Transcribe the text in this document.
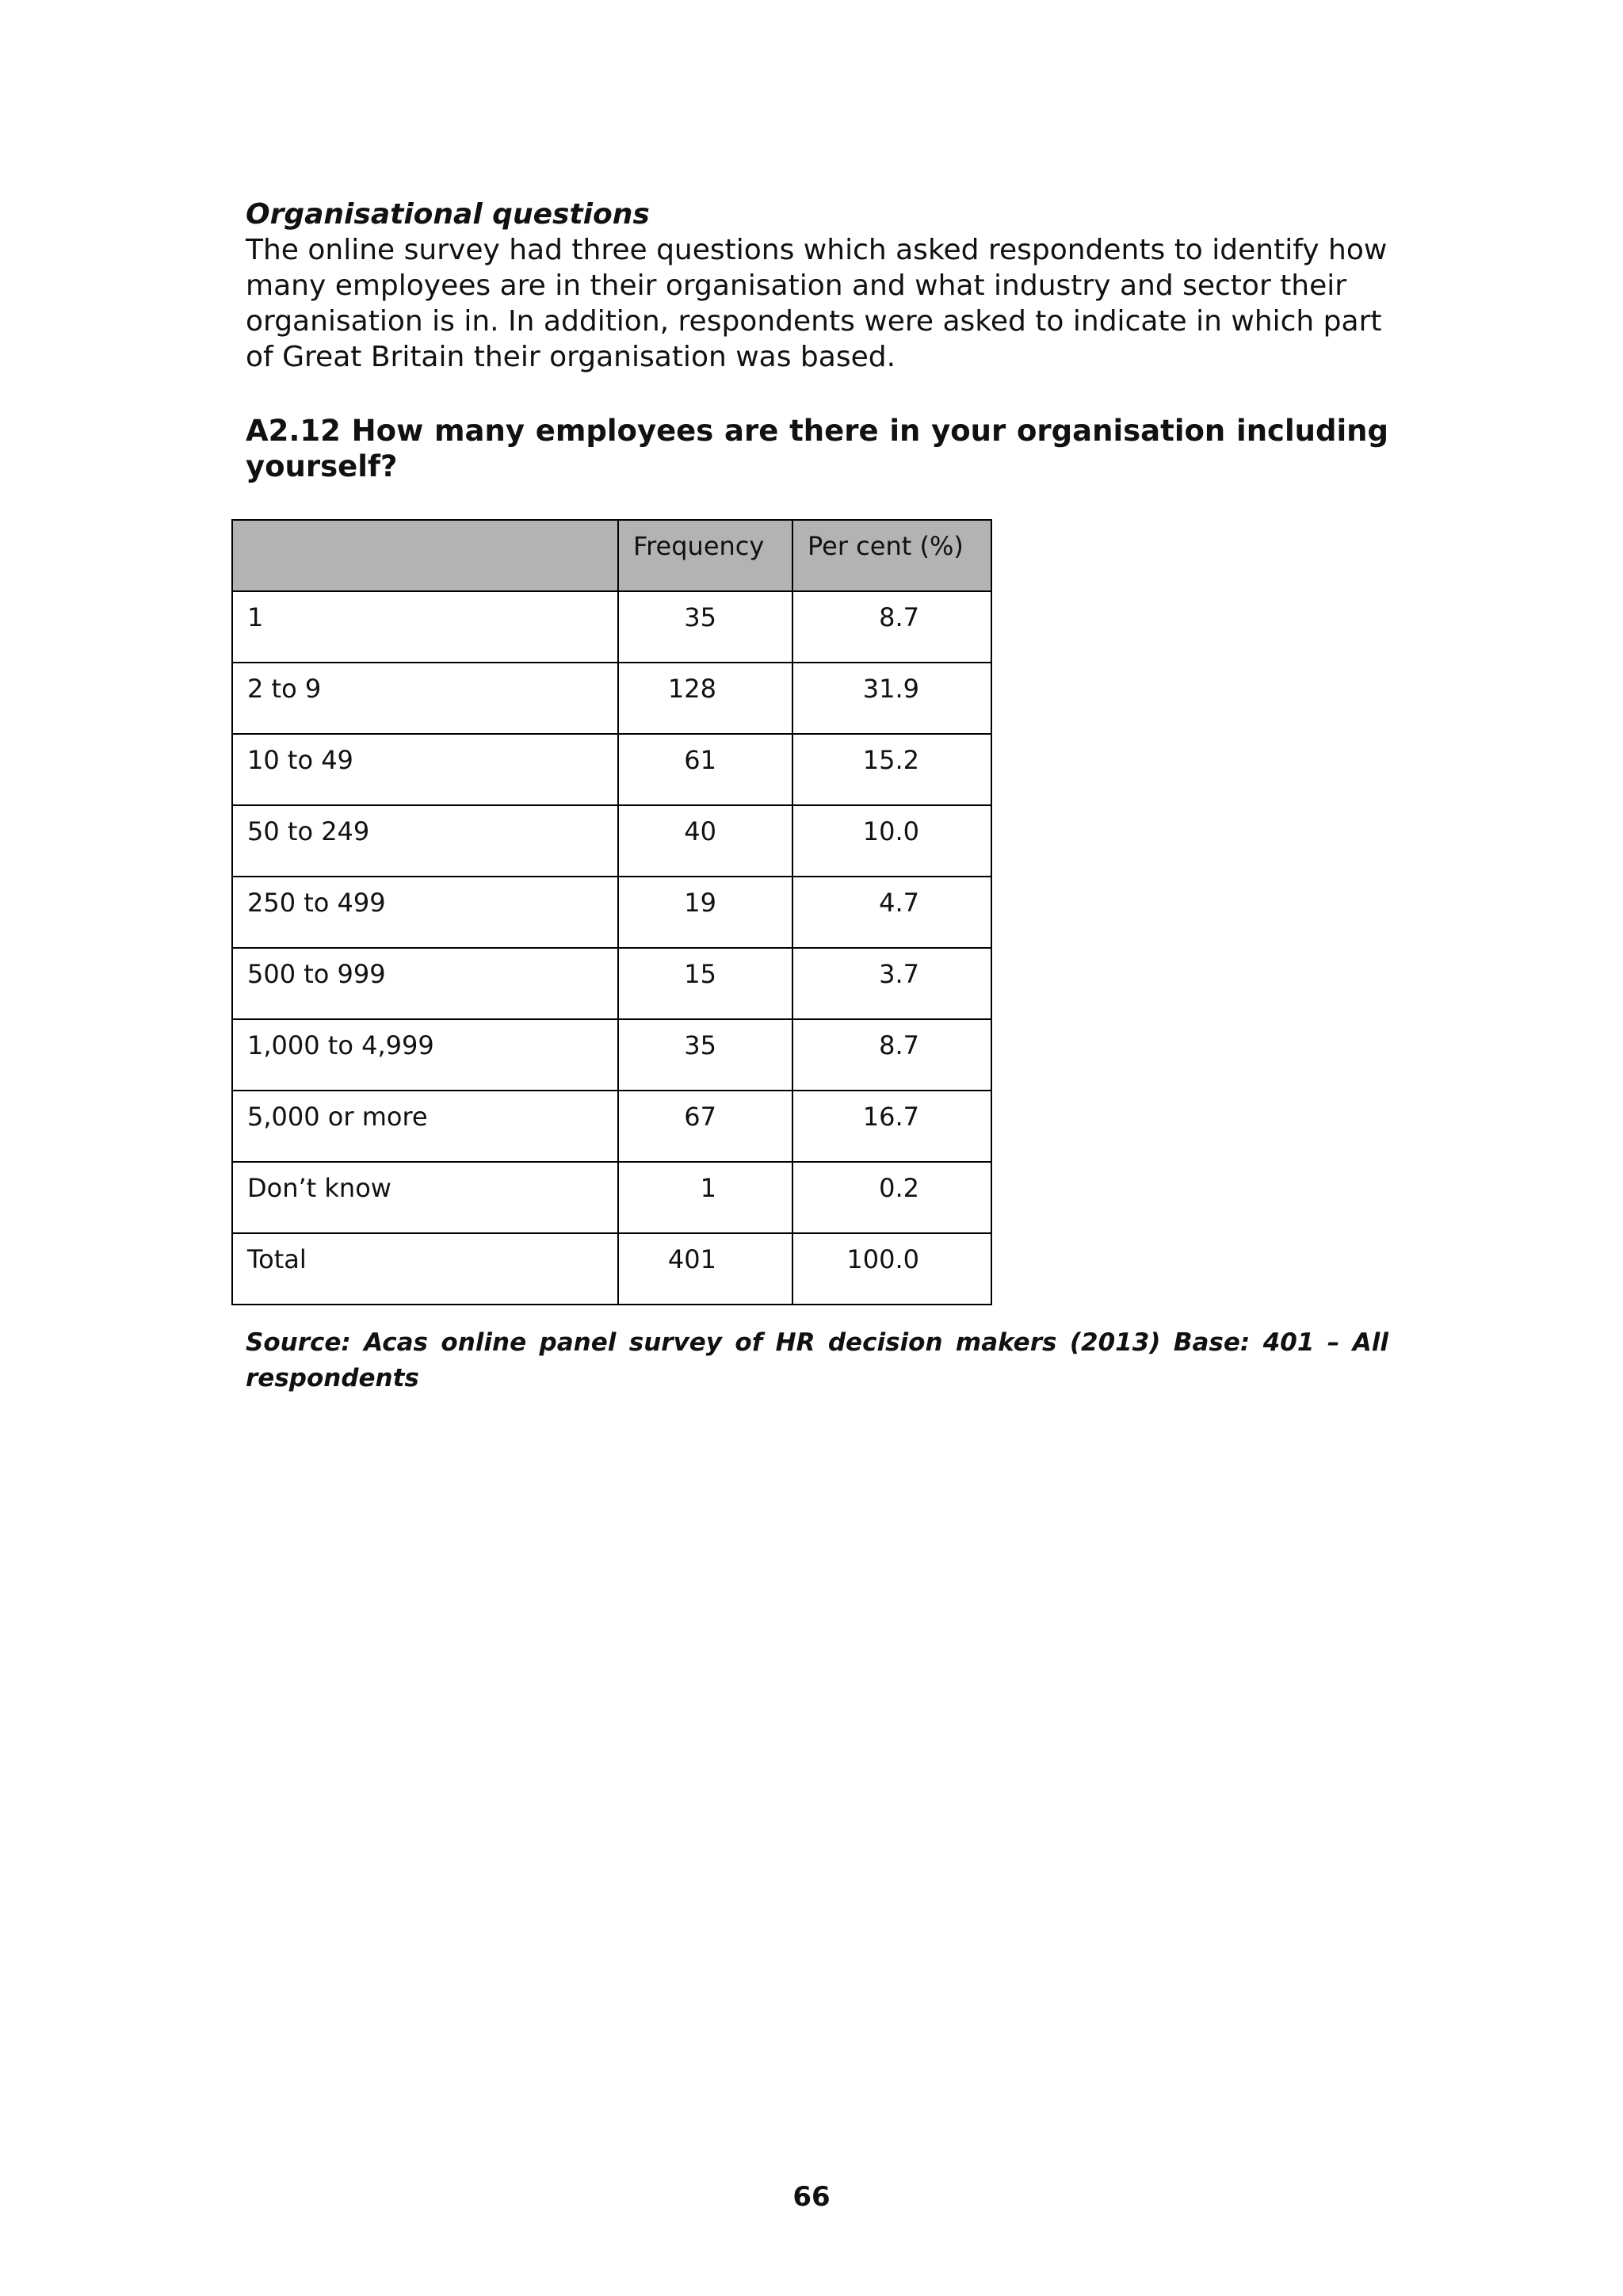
Organisational questions

The online survey had three questions which asked respondents to identify how many employees are in their organisation and what industry and sector their organisation is in. In addition, respondents were asked to indicate in which part of Great Britain their organisation was based.

A2.12 How many employees are there in your organisation including yourself?

	Frequency	Per cent (%)

1	35	8.7

2 to 9	128	31.9

10 to 49	61	15.2

50 to 249	40	10.0

250 to 499	19	4.7

500 to 999	15	3.7

1,000 to 4,999	35	8.7

5,000 or more	67	16.7

Don’t know	1	0.2

Total	401	100.0

Source: Acas online panel survey of HR decision makers (2013) Base: 401 – All respondents

66
